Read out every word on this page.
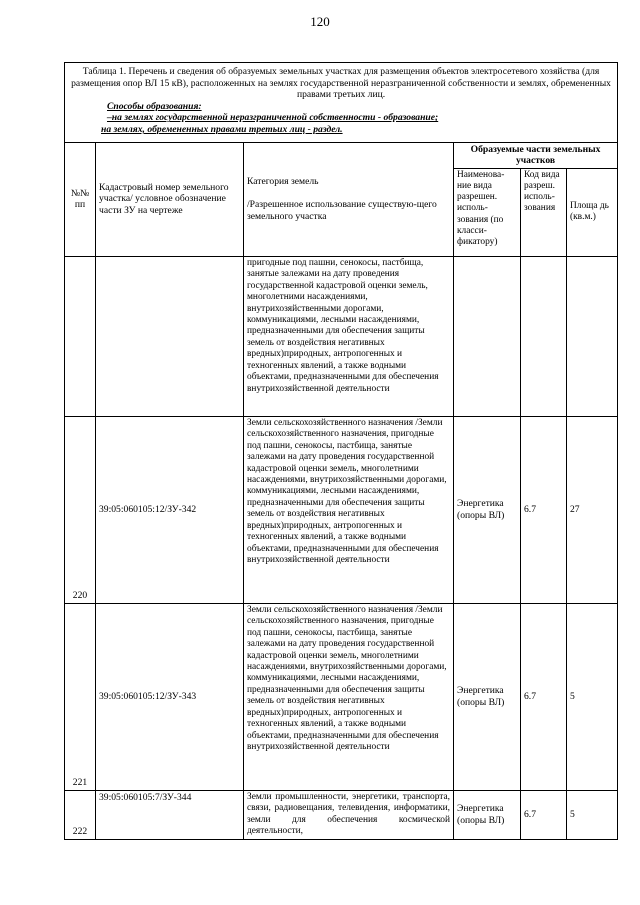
120
Таблица 1. Перечень и сведения об образуемых земельных участках для размещения объектов электросетевого хозяйства (для размещения опор ВЛ 15 кВ), расположенных на землях государственной неразграниченной собственности и землях, обремененных правами третьих лиц.
Способы образования:
–на землях государственной неразграниченной собственности - образование;
на землях, обремененных правами третьих лиц - раздел.					

№№ пп	Кадастровый номер земельного участка/ условное обозначение части ЗУ на чертеже	Категория земель

/Разрешенное использование существую-щего земельного участка	Образуемые части земельных участков		
			Наименова-ние вида разрешен. исполь-зования (по класси-фикатору)	Код вида разреш. исполь-зования	Площа дь (кв.м.)
		пригодные под пашни, сенокосы, пастбища, занятые залежами на дату проведения государственной кадастровой оценки земель, многолетними насаждениями, внутрихозяйственными дорогами, коммуникациями, лесными насаждениями, предназначенными для обеспечения защиты земель от воздействия негативных вредных)природных, антропогенных и техногенных явлений, а также водными объектами, предназначенными для обеспечения внутрихозяйственной деятельности			
220	39:05:060105:12/ЗУ-342	Земли сельскохозяйственного назначения /Земли сельскохозяйственного назначения, пригодные под пашни, сенокосы, пастбища, занятые залежами на дату проведения государственной кадастровой оценки земель, многолетними насаждениями, внутрихозяйственными дорогами, коммуникациями, лесными насаждениями, предназначенными для обеспечения защиты земель от воздействия негативных вредных)природных, антропогенных и техногенных явлений, а также водными объектами, предназначенными для обеспечения внутрихозяйственной деятельности	Энергетика (опоры ВЛ)	6.7	27
221	39:05:060105:12/ЗУ-343	Земли сельскохозяйственного назначения /Земли сельскохозяйственного назначения, пригодные под пашни, сенокосы, пастбища, занятые залежами на дату проведения государственной кадастровой оценки земель, многолетними насаждениями, внутрихозяйственными дорогами, коммуникациями, лесными насаждениями, предназначенными для обеспечения защиты земель от воздействия негативных вредных)природных, антропогенных и техногенных явлений, а также водными объектами, предназначенными для обеспечения внутрихозяйственной деятельности	Энергетика (опоры ВЛ)	6.7	5
222	39:05:060105:7/ЗУ-344	Земли промышленности, энергетики, транспорта, связи, радиовещания, телевидения, информатики, земли для обеспечения космической деятельности,	Энергетика (опоры ВЛ)	6.7	5
